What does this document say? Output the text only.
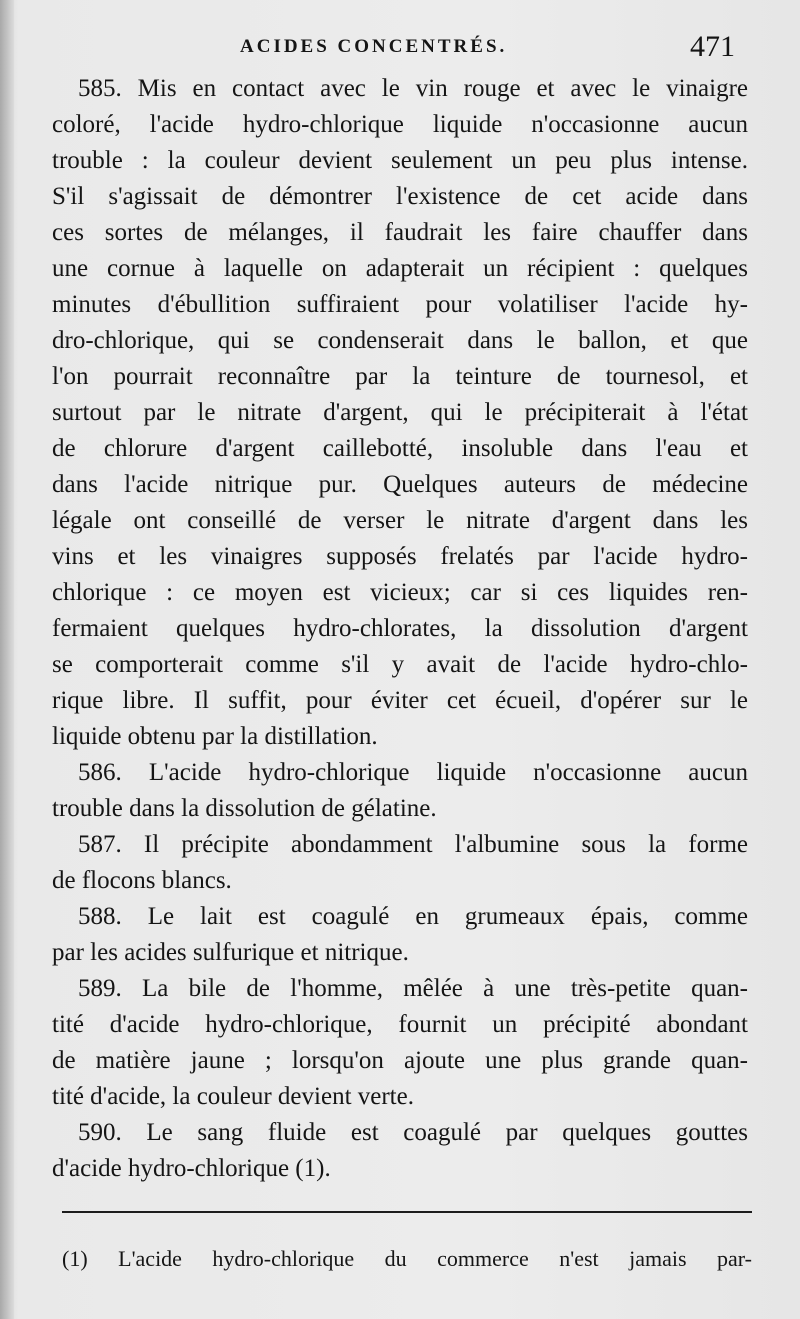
ACIDES CONCENTRÉS.	471
585. Mis en contact avec le vin rouge et avec le vinaigre
coloré, l'acide hydro-chlorique liquide n'occasionne aucun
trouble : la couleur devient seulement un peu plus intense.
S'il s'agissait de démontrer l'existence de cet acide dans
ces sortes de mélanges, il faudrait les faire chauffer dans
une cornue à laquelle on adapterait un récipient : quelques
minutes d'ébullition suffiraient pour volatiliser l'acide hy-
dro-chlorique, qui se condenserait dans le ballon, et que
l'on pourrait reconnaître par la teinture de tournesol, et
surtout par le nitrate d'argent, qui le précipiterait à l'état
de chlorure d'argent caillebotté, insoluble dans l'eau et
dans l'acide nitrique pur. Quelques auteurs de médecine
légale ont conseillé de verser le nitrate d'argent dans les
vins et les vinaigres supposés frelatés par l'acide hydro-
chlorique : ce moyen est vicieux; car si ces liquides ren-
fermaient quelques hydro-chlorates, la dissolution d'argent
se comporterait comme s'il y avait de l'acide hydro-chlo-
rique libre. Il suffit, pour éviter cet écueil, d'opérer sur le
liquide obtenu par la distillation.
586. L'acide hydro-chlorique liquide n'occasionne aucun
trouble dans la dissolution de gélatine.
587. Il précipite abondamment l'albumine sous la forme
de flocons blancs.
588. Le lait est coagulé en grumeaux épais, comme
par les acides sulfurique et nitrique.
589. La bile de l'homme, mêlée à une très-petite quan-
tité d'acide hydro-chlorique, fournit un précipité abondant
de matière jaune ; lorsqu'on ajoute une plus grande quan-
tité d'acide, la couleur devient verte.
590. Le sang fluide est coagulé par quelques gouttes
d'acide hydro-chlorique (1).
(1) L'acide hydro-chlorique du commerce n'est jamais par-
